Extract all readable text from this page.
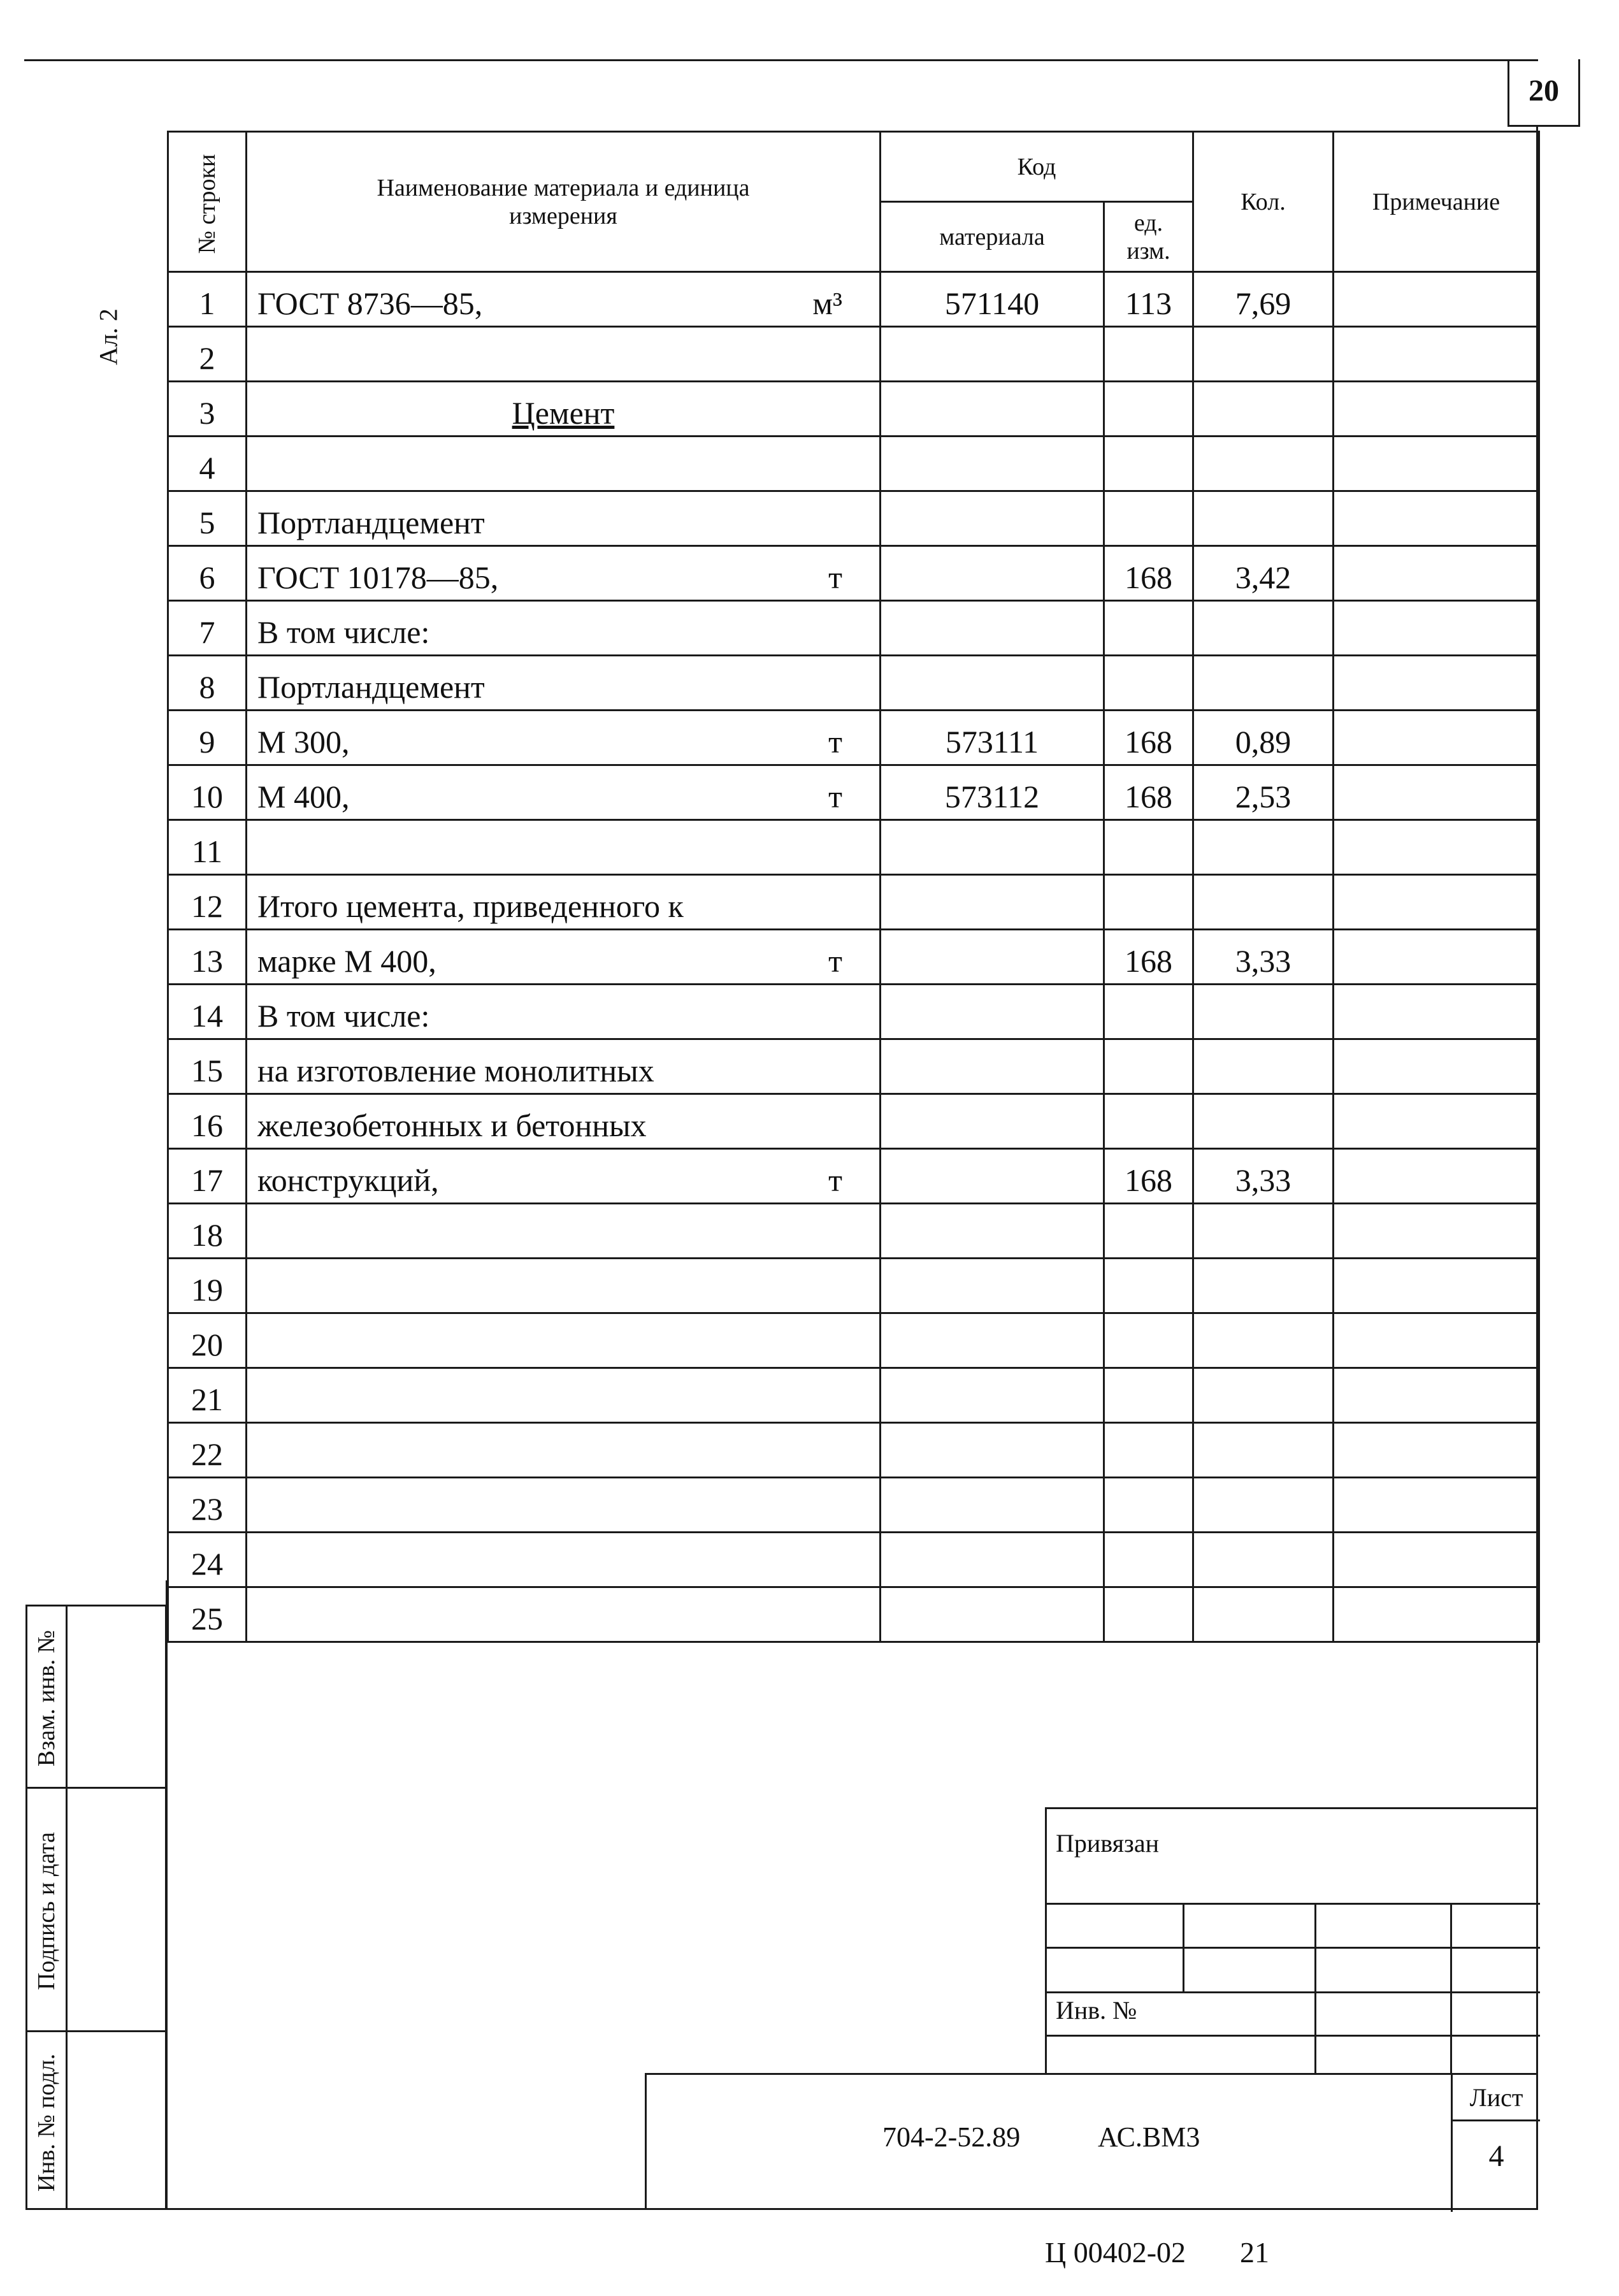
20
Ал. 2
№ строки	Наименование материала и единица измерения	Код		Кол.	Примечание
		материала	ед. изм.		
1	ГОСТ 8736—85, м³	571140	113	7,69	
2	

3	Цемент

4	

5	Портландцемент

6	ГОСТ 10178—85, т		168	3,42	
7	В том числе:

8	Портландцемент

9	М 300, т	573111	168	0,89	
10	М 400, т	573112	168	2,53	
11	

12	Итого цемента, приведенного к

13	марке М 400, т		168	3,33	
14	В том числе:

15	на изготовление монолитных

16	железобетонных и бетонных

17	конструкций, т		168	3,33	
18	

19	

20	

21	

22	

23	

24	

25	

Взам. инв. №
Подпись и дата
Инв. № подл.
Привязан
Инв. №
704-2-52.89	АС.ВМ3
Лист
4
Ц 00402-02 21
